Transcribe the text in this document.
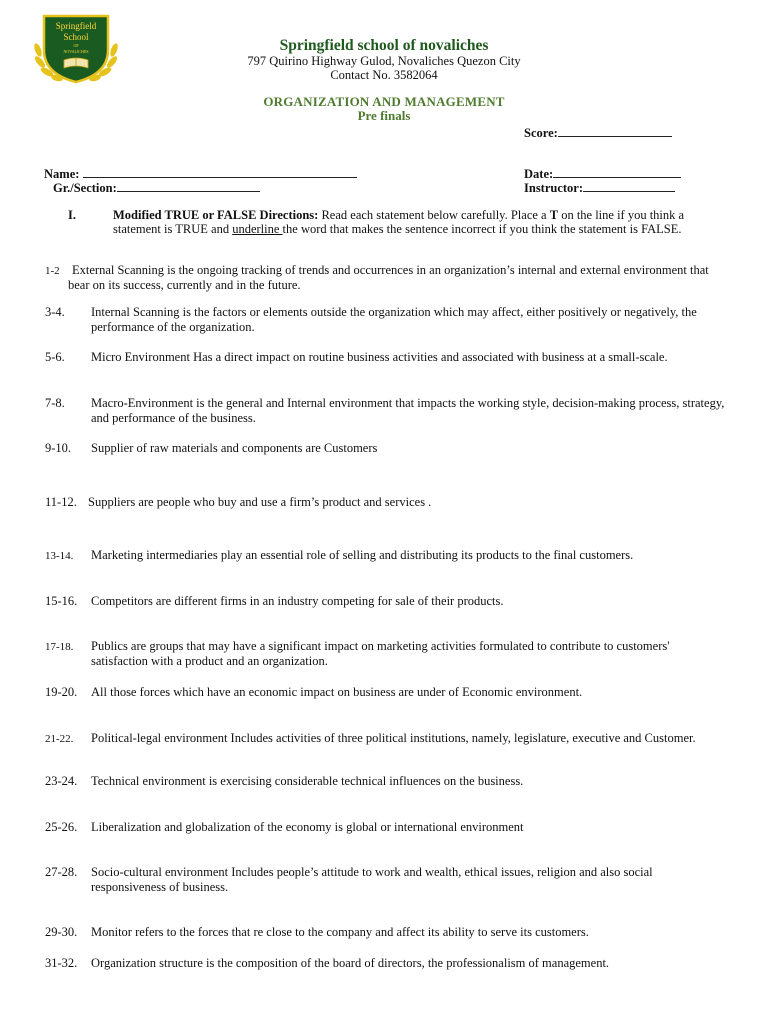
Springfield
School
OF
NOVALICHES	Springfield school of novaliches
797 Quirino Highway Gulod, Novaliches Quezon City
Contact No. 3582064
ORGANIZATION AND MANAGEMENT
Pre finals
Score:
Name:	Date:
Gr./Section:	Instructor:
I.	Modified TRUE or FALSE Directions: Read each statement below carefully. Place a T on the line if you think a statement is TRUE and underline the word that makes the sentence incorrect if you think the statement is FALSE.
1-2 External Scanning is the ongoing tracking of trends and occurrences in an organization’s internal and external environment that bear on its success, currently and in the future.
3-4. Internal Scanning is the factors or elements outside the organization which may affect, either positively or negatively, the performance of the organization.
5-6. Micro Environment Has a direct impact on routine business activities and associated with business at a small-scale.
7-8. Macro-Environment is the general and Internal environment that impacts the working style, decision-making process, strategy, and performance of the business.
9-10. Supplier of raw materials and components are Customers
11-12. Suppliers are people who buy and use a firm’s product and services .
13-14. Marketing intermediaries play an essential role of selling and distributing its products to the final customers.
15-16. Competitors are different firms in an industry competing for sale of their products.
17-18. Publics are groups that may have a significant impact on marketing activities formulated to contribute to customers' satisfaction with a product and an organization.
19-20. All those forces which have an economic impact on business are under of Economic environment.
21-22. Political-legal environment Includes activities of three political institutions, namely, legislature, executive and Customer.
23-24. Technical environment is exercising considerable technical influences on the business.
25-26. Liberalization and globalization of the economy is global or international environment
27-28. Socio-cultural environment Includes people’s attitude to work and wealth, ethical issues, religion and also social responsiveness of business.
29-30. Monitor refers to the forces that re close to the company and affect its ability to serve its customers.
31-32. Organization structure is the composition of the board of directors, the professionalism of management.
